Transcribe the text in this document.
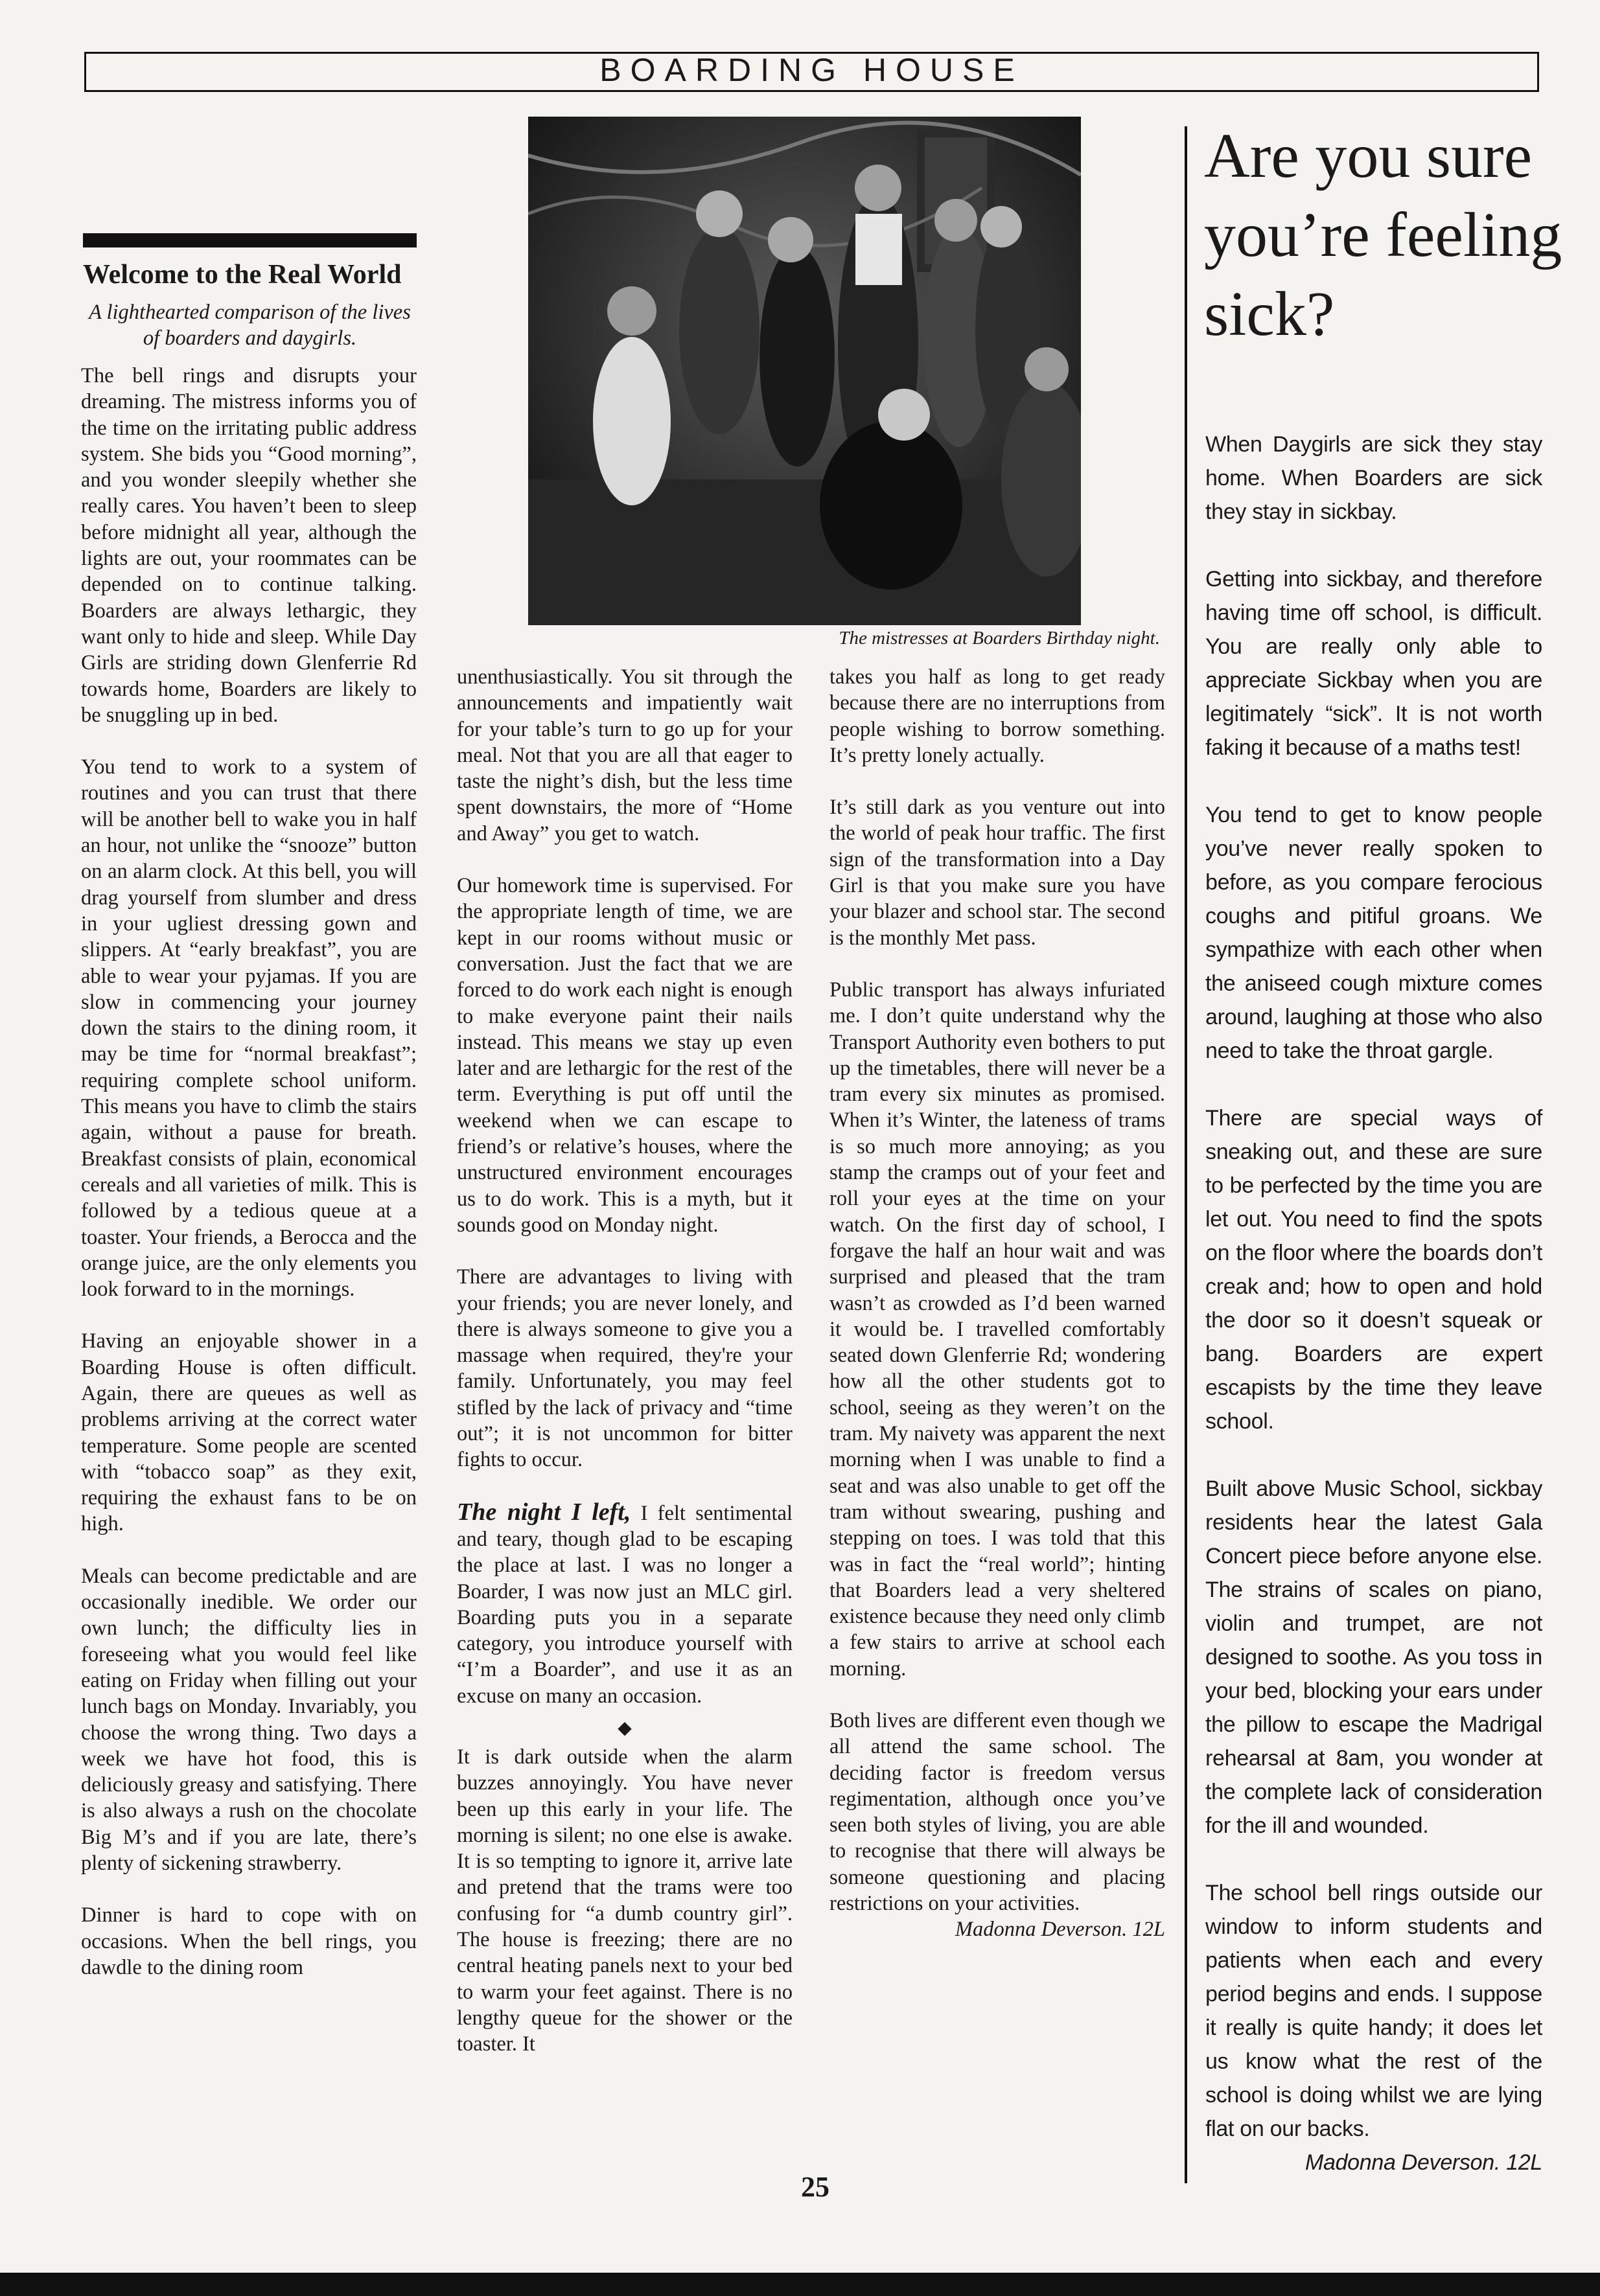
BOARDING HOUSE
Welcome to the Real World
A lighthearted comparison of the lives of boarders and daygirls.

The bell rings and disrupts your dreaming. The mistress informs you of the time on the irritating public address system. She bids you “Good morning”, and you wonder sleepily whether she really cares. You haven’t been to sleep before midnight all year, although the lights are out, your roommates can be depended on to continue talking. Boarders are always lethargic, they want only to hide and sleep. While Day Girls are striding down Glenferrie Rd towards home, Boarders are likely to be snuggling up in bed.

You tend to work to a system of routines and you can trust that there will be another bell to wake you in half an hour, not unlike the “snooze” button on an alarm clock. At this bell, you will drag yourself from slumber and dress in your ugliest dressing gown and slippers. At “early breakfast”, you are able to wear your pyjamas. If you are slow in commencing your journey down the stairs to the dining room, it may be time for “normal breakfast”; requiring complete school uniform. This means you have to climb the stairs again, without a pause for breath. Breakfast consists of plain, economical cereals and all varieties of milk. This is followed by a tedious queue at a toaster. Your friends, a Berocca and the orange juice, are the only elements you look forward to in the mornings.

Having an enjoyable shower in a Boarding House is often difficult. Again, there are queues as well as problems arriving at the correct water temperature. Some people are scented with “tobacco soap” as they exit, requiring the exhaust fans to be on high.

Meals can become predictable and are occasionally inedible. We order our own lunch; the difficulty lies in foreseeing what you would feel like eating on Friday when filling out your lunch bags on Monday. Invariably, you choose the wrong thing. Two days a week we have hot food, this is deliciously greasy and satisfying. There is also always a rush on the chocolate Big M’s and if you are late, there’s plenty of sickening strawberry.

Dinner is hard to cope with on occasions. When the bell rings, you dawdle to the dining room

The mistresses at Boarders Birthday night.

unenthusiastically. You sit through the announcements and impatiently wait for your table’s turn to go up for your meal. Not that you are all that eager to taste the night’s dish, but the less time spent downstairs, the more of “Home and Away” you get to watch.

Our homework time is supervised. For the appropriate length of time, we are kept in our rooms without music or conversation. Just the fact that we are forced to do work each night is enough to make everyone paint their nails instead. This means we stay up even later and are lethargic for the rest of the term. Everything is put off until the weekend when we can escape to friend’s or relative’s houses, where the unstructured environment encourages us to do work. This is a myth, but it sounds good on Monday night.

There are advantages to living with your friends; you are never lonely, and there is always someone to give you a massage when required, they're your family. Unfortunately, you may feel stifled by the lack of privacy and “time out”; it is not uncommon for bitter fights to occur.

The night I left, I felt sentimental and teary, though glad to be escaping the place at last. I was no longer a Boarder, I was now just an MLC girl. Boarding puts you in a separate category, you introduce yourself with “I’m a Boarder”, and use it as an excuse on many an occasion.

◆

It is dark outside when the alarm buzzes annoyingly. You have never been up this early in your life. The morning is silent; no one else is awake. It is so tempting to ignore it, arrive late and pretend that the trams were too confusing for “a dumb country girl”. The house is freezing; there are no central heating panels next to your bed to warm your feet against. There is no lengthy queue for the shower or the toaster. It

takes you half as long to get ready because there are no interruptions from people wishing to borrow something. It’s pretty lonely actually.

It’s still dark as you venture out into the world of peak hour traffic. The first sign of the transformation into a Day Girl is that you make sure you have your blazer and school star. The second is the monthly Met pass.

Public transport has always infuriated me. I don’t quite understand why the Transport Authority even bothers to put up the timetables, there will never be a tram every six minutes as promised. When it’s Winter, the lateness of trams is so much more annoying; as you stamp the cramps out of your feet and roll your eyes at the time on your watch. On the first day of school, I forgave the half an hour wait and was surprised and pleased that the tram wasn’t as crowded as I’d been warned it would be. I travelled comfortably seated down Glenferrie Rd; wondering how all the other students got to school, seeing as they weren’t on the tram. My naivety was apparent the next morning when I was unable to find a seat and was also unable to get off the tram without swearing, pushing and stepping on toes. I was told that this was in fact the “real world”; hinting that Boarders lead a very sheltered existence because they need only climb a few stairs to arrive at school each morning.

Both lives are different even though we all attend the same school. The deciding factor is freedom versus regimentation, although once you’ve seen both styles of living, you are able to recognise that there will always be someone questioning and placing restrictions on your activities.

Madonna Deverson. 12L
Are you sure you’re feeling sick?

When Daygirls are sick they stay home. When Boarders are sick they stay in sickbay.

Getting into sickbay, and therefore having time off school, is difficult. You are really only able to appreciate Sickbay when you are legitimately “sick”. It is not worth faking it because of a maths test!

You tend to get to know people you’ve never really spoken to before, as you compare ferocious coughs and pitiful groans. We sympathize with each other when the aniseed cough mixture comes around, laughing at those who also need to take the throat gargle.

There are special ways of sneaking out, and these are sure to be perfected by the time you are let out. You need to find the spots on the floor where the boards don’t creak and; how to open and hold the door so it doesn’t squeak or bang. Boarders are expert escapists by the time they leave school.

Built above Music School, sickbay residents hear the latest Gala Concert piece before anyone else. The strains of scales on piano, violin and trumpet, are not designed to soothe. As you toss in your bed, blocking your ears under the pillow to escape the Madrigal rehearsal at 8am, you wonder at the complete lack of consideration for the ill and wounded.

The school bell rings outside our window to inform students and patients when each and every period begins and ends. I suppose it really is quite handy; it does let us know what the rest of the school is doing whilst we are lying flat on our backs.

Madonna Deverson. 12L
25
